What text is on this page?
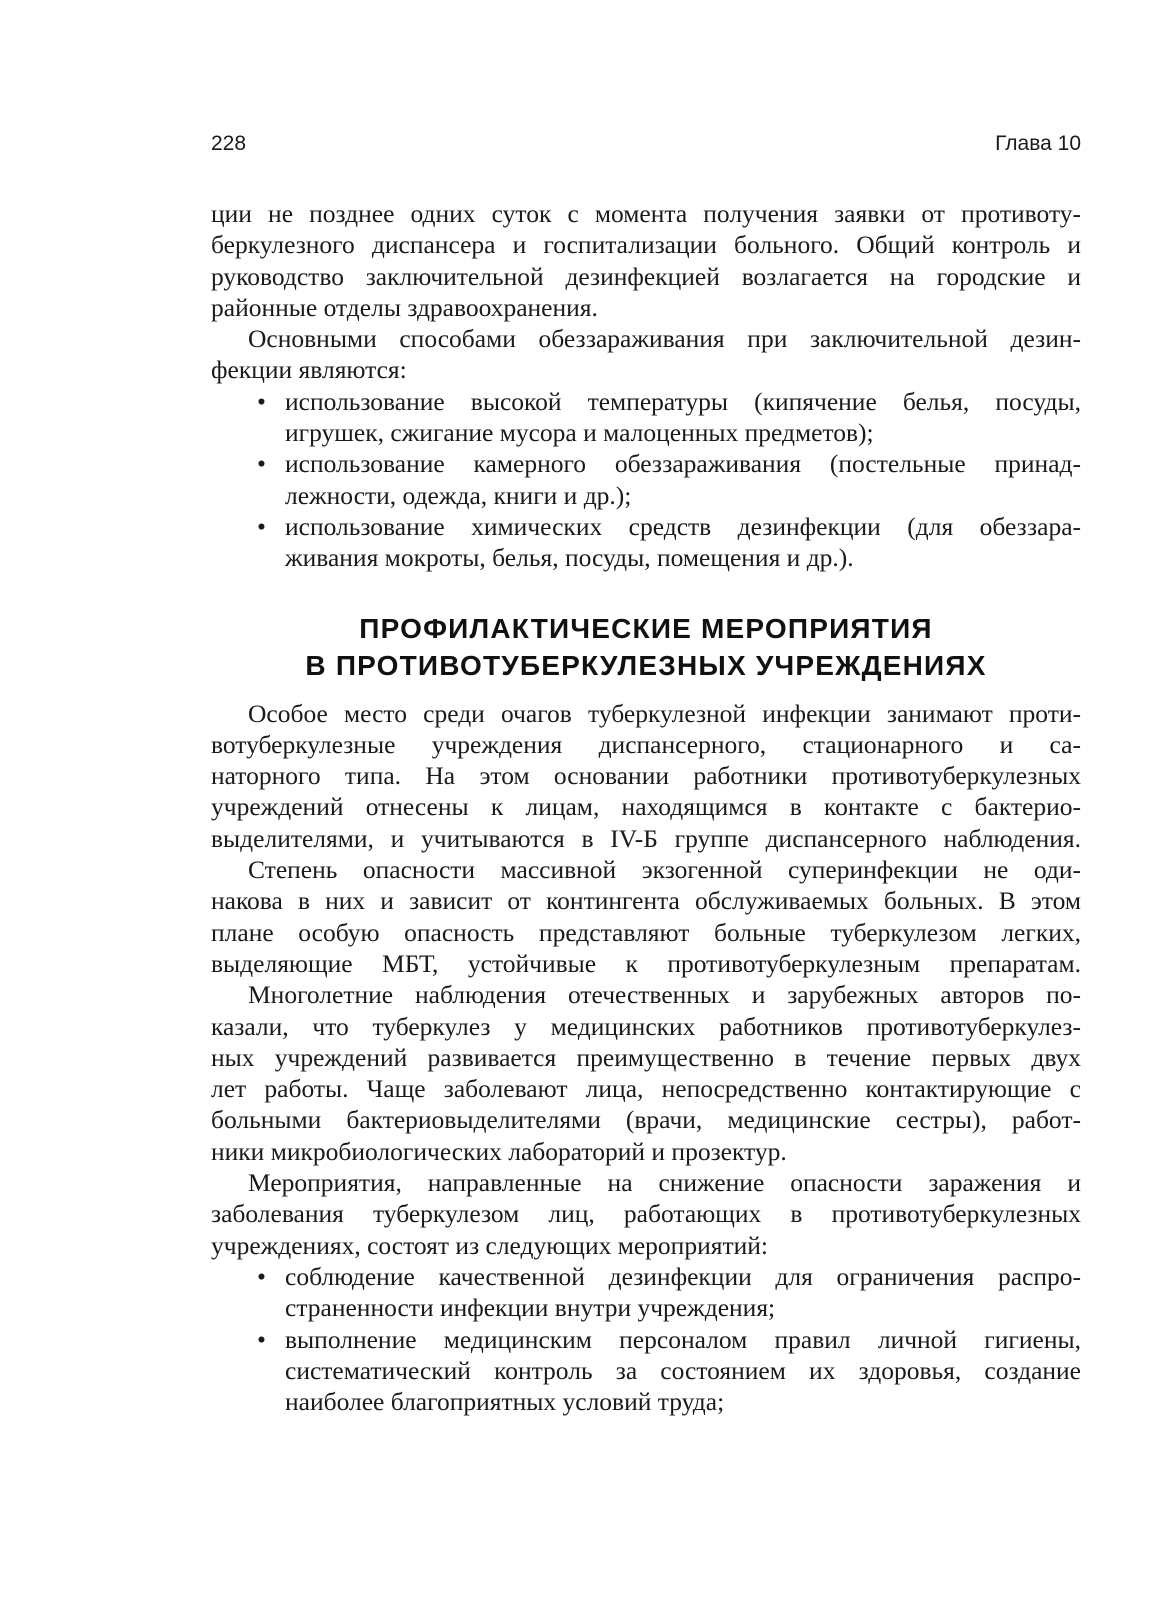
228	Глава 10
ции не позднее одних суток с момента получения заявки от противоту-
беркулезного диспансера и госпитализации больного. Общий контроль и
руководство заключительной дезинфекцией возлагается на городские и
районные отделы здравоохранения.
Основными способами обеззараживания при заключительной дезин-
фекции являются:
• использование высокой температуры (кипячение белья, посуды,
игрушек, сжигание мусора и малоценных предметов);
• использование камерного обеззараживания (постельные принад-
лежности, одежда, книги и др.);
• использование химических средств дезинфекции (для обеззара-
живания мокроты, белья, посуды, помещения и др.).
ПРОФИЛАКТИЧЕСКИЕ МЕРОПРИЯТИЯ
В ПРОТИВОТУБЕРКУЛЕЗНЫХ УЧРЕЖДЕНИЯХ
Особое место среди очагов туберкулезной инфекции занимают проти-
вотуберкулезные учреждения диспансерного, стационарного и са-
наторного типа. На этом основании работники противотуберкулезных
учреждений отнесены к лицам, находящимся в контакте с бактерио-
выделителями, и учитываются в IV-Б группе диспансерного наблюдения.
Степень опасности массивной экзогенной суперинфекции не оди-
накова в них и зависит от контингента обслуживаемых больных. В этом
плане особую опасность представляют больные туберкулезом легких,
выделяющие МБТ, устойчивые к противотуберкулезным препаратам.
Многолетние наблюдения отечественных и зарубежных авторов по-
казали, что туберкулез у медицинских работников противотуберкулез-
ных учреждений развивается преимущественно в течение первых двух
лет работы. Чаще заболевают лица, непосредственно контактирующие с
больными бактериовыделителями (врачи, медицинские сестры), работ-
ники микробиологических лабораторий и прозектур.
Мероприятия, направленные на снижение опасности заражения и
заболевания туберкулезом лиц, работающих в противотуберкулезных
учреждениях, состоят из следующих мероприятий:
• соблюдение качественной дезинфекции для ограничения распро-
страненности инфекции внутри учреждения;
• выполнение медицинским персоналом правил личной гигиены,
систематический контроль за состоянием их здоровья, создание
наиболее благоприятных условий труда;
